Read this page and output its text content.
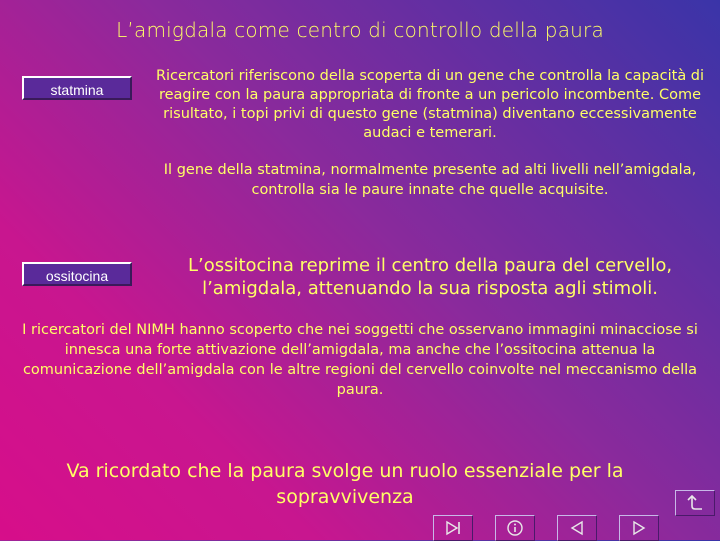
L’amigdala come centro di controllo della paura
statmina
Ricercatori riferiscono della scoperta di un gene che controlla la capacità di reagire con la paura appropriata di fronte a un pericolo incombente. Come risultato, i topi privi di questo gene (statmina) diventano eccessivamente audaci e temerari.
Il gene della statmina, normalmente presente ad alti livelli nell’amigdala, controlla sia le paure innate che quelle acquisite.
ossitocina	L’ossitocina reprime il centro della paura del cervello, l’amigdala, attenuando la sua risposta agli stimoli.
I ricercatori del NIMH hanno scoperto che nei soggetti che osservano immagini minacciose si innesca una forte attivazione dell’amigdala, ma anche che l’ossitocina attenua la comunicazione dell’amigdala con le altre regioni del cervello coinvolte nel meccanismo della paura.
Va ricordato che la paura svolge un ruolo essenziale per la sopravvivenza
